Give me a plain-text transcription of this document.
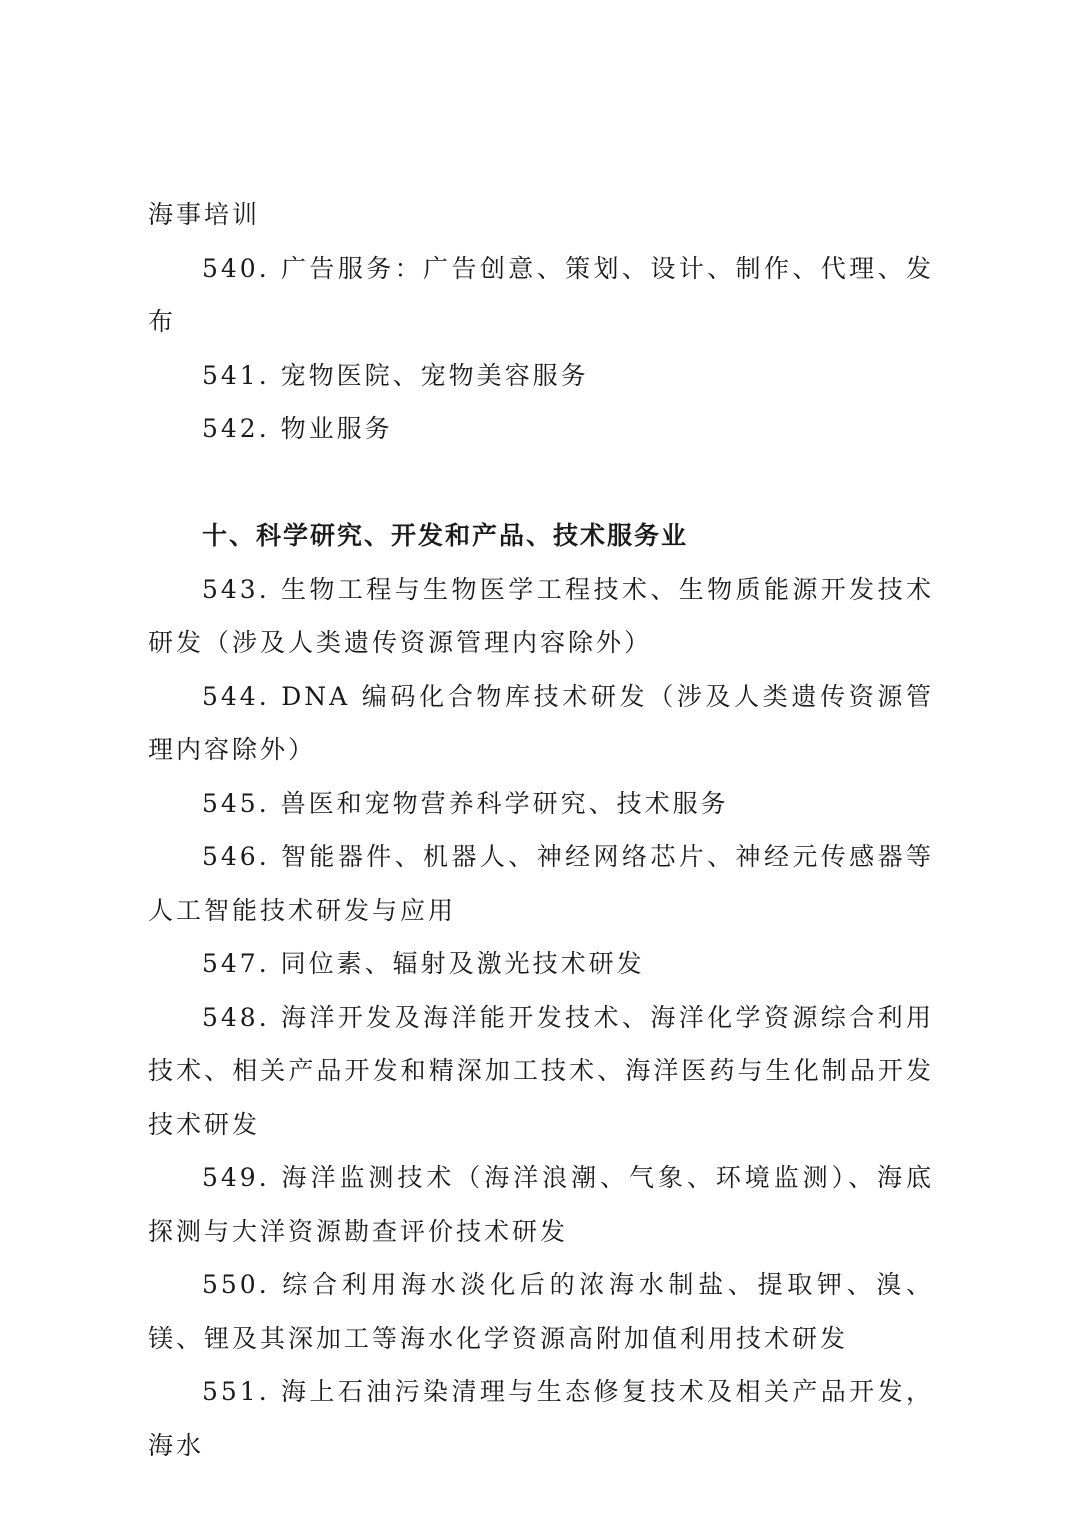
海事培训

540. 广告服务：广告创意、策划、设计、制作、代理、发布

541. 宠物医院、宠物美容服务

542. 物业服务

十、科学研究、开发和产品、技术服务业

543. 生物工程与生物医学工程技术、生物质能源开发技术研发（涉及人类遗传资源管理内容除外）

544. DNA 编码化合物库技术研发（涉及人类遗传资源管理内容除外）

545. 兽医和宠物营养科学研究、技术服务

546. 智能器件、机器人、神经网络芯片、神经元传感器等人工智能技术研发与应用

547. 同位素、辐射及激光技术研发

548. 海洋开发及海洋能开发技术、海洋化学资源综合利用技术、相关产品开发和精深加工技术、海洋医药与生化制品开发技术研发

549. 海洋监测技术（海洋浪潮、气象、环境监测）、海底探测与大洋资源勘查评价技术研发

550. 综合利用海水淡化后的浓海水制盐、提取钾、溴、镁、锂及其深加工等海水化学资源高附加值利用技术研发

551. 海上石油污染清理与生态修复技术及相关产品开发，海水
